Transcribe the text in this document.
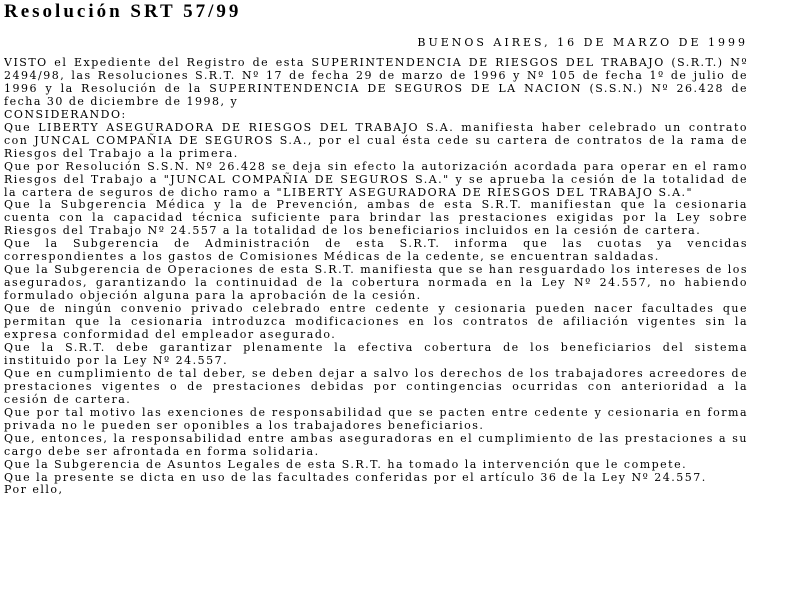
Resolución SRT 57/99
BUENOS AIRES, 16 DE MARZO DE 1999

VISTO el Expediente del Registro de esta SUPERINTENDENCIA DE RIESGOS DEL TRABAJO (S.R.T.) Nº 2494/98, las Resoluciones S.R.T. Nº 17 de fecha 29 de marzo de 1996 y Nº 105 de fecha 1º de julio de 1996 y la Resolución de la SUPERINTENDENCIA DE SEGUROS DE LA NACION (S.S.N.) Nº 26.428 de fecha 30 de diciembre de 1998, y

CONSIDERANDO:

Que LIBERTY ASEGURADORA DE RIESGOS DEL TRABAJO S.A. manifiesta haber celebrado un contrato con JUNCAL COMPAÑIA DE SEGUROS S.A., por el cual ésta cede su cartera de contratos de la rama de Riesgos del Trabajo a la primera.

Que por Resolución S.S.N. Nº 26.428 se deja sin efecto la autorización acordada para operar en el ramo Riesgos del Trabajo a "JUNCAL COMPAÑIA DE SEGUROS S.A." y se aprueba la cesión de la totalidad de la cartera de seguros de dicho ramo a "LIBERTY ASEGURADORA DE RIESGOS DEL TRABAJO S.A."

Que la Subgerencia Médica y la de Prevención, ambas de esta S.R.T. manifiestan que la cesionaria cuenta con la capacidad técnica suficiente para brindar las prestaciones exigidas por la Ley sobre Riesgos del Trabajo Nº 24.557 a la totalidad de los beneficiarios incluidos en la cesión de cartera.

Que la Subgerencia de Administración de esta S.R.T. informa que las cuotas ya vencidas correspondientes a los gastos de Comisiones Médicas de la cedente, se encuentran saldadas.

Que la Subgerencia de Operaciones de esta S.R.T. manifiesta que se han resguardado los intereses de los asegurados, garantizando la continuidad de la cobertura normada en la Ley Nº 24.557, no habiendo formulado objeción alguna para la aprobación de la cesión.

Que de ningún convenio privado celebrado entre cedente y cesionaria pueden nacer facultades que permitan que la cesionaria introduzca modificaciones en los contratos de afiliación vigentes sin la expresa conformidad del empleador asegurado.

Que la S.R.T. debe garantizar plenamente la efectiva cobertura de los beneficiarios del sistema instituido por la Ley Nº 24.557.

Que en cumplimiento de tal deber, se deben dejar a salvo los derechos de los trabajadores acreedores de prestaciones vigentes o de prestaciones debidas por contingencias ocurridas con anterioridad a la cesión de cartera.

Que por tal motivo las exenciones de responsabilidad que se pacten entre cedente y cesionaria en forma privada no le pueden ser oponibles a los trabajadores beneficiarios.

Que, entonces, la responsabilidad entre ambas aseguradoras en el cumplimiento de las prestaciones a su cargo debe ser afrontada en forma solidaria.

Que la Subgerencia de Asuntos Legales de esta S.R.T. ha tomado la intervención que le compete.

Que la presente se dicta en uso de las facultades conferidas por el artículo 36 de la Ley Nº 24.557.

Por ello,
